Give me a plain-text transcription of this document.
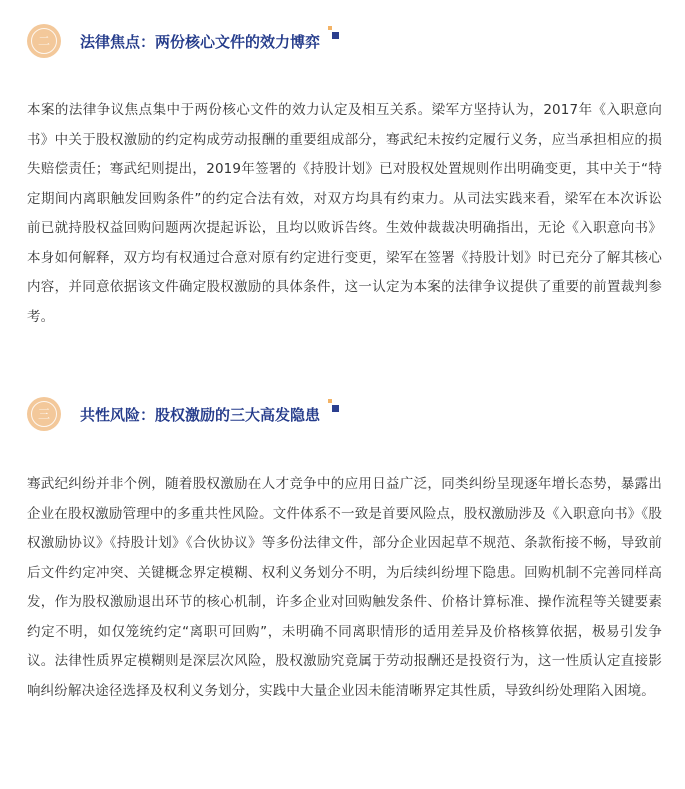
二	法律焦点：两份核心文件的效力博弈

本案的法律争议焦点集中于两份核心文件的效力认定及相互关系。梁军方坚持认为，2017年《入职意向书》中关于股权激励的约定构成劳动报酬的重要组成部分，骞武纪未按约定履行义务，应当承担相应的损失赔偿责任；骞武纪则提出，2019年签署的《持股计划》已对股权处置规则作出明确变更，其中关于“特定期间内离职触发回购条件”的约定合法有效，对双方均具有约束力。从司法实践来看，梁军在本次诉讼前已就持股权益回购问题两次提起诉讼，且均以败诉告终。生效仲裁裁决明确指出，无论《入职意向书》本身如何解释，双方均有权通过合意对原有约定进行变更，梁军在签署《持股计划》时已充分了解其核心内容，并同意依据该文件确定股权激励的具体条件，这一认定为本案的法律争议提供了重要的前置裁判参考。

三	共性风险：股权激励的三大高发隐患

骞武纪纠纷并非个例，随着股权激励在人才竞争中的应用日益广泛，同类纠纷呈现逐年增长态势，暴露出企业在股权激励管理中的多重共性风险。文件体系不一致是首要风险点，股权激励涉及《入职意向书》《股权激励协议》《持股计划》《合伙协议》等多份法律文件，部分企业因起草不规范、条款衔接不畅，导致前后文件约定冲突、关键概念界定模糊、权利义务划分不明，为后续纠纷埋下隐患。回购机制不完善同样高发，作为股权激励退出环节的核心机制，许多企业对回购触发条件、价格计算标准、操作流程等关键要素约定不明，如仅笼统约定“离职可回购”，未明确不同离职情形的适用差异及价格核算依据，极易引发争议。法律性质界定模糊则是深层次风险，股权激励究竟属于劳动报酬还是投资行为，这一性质认定直接影响纠纷解决途径选择及权利义务划分，实践中大量企业因未能清晰界定其性质，导致纠纷处理陷入困境。
